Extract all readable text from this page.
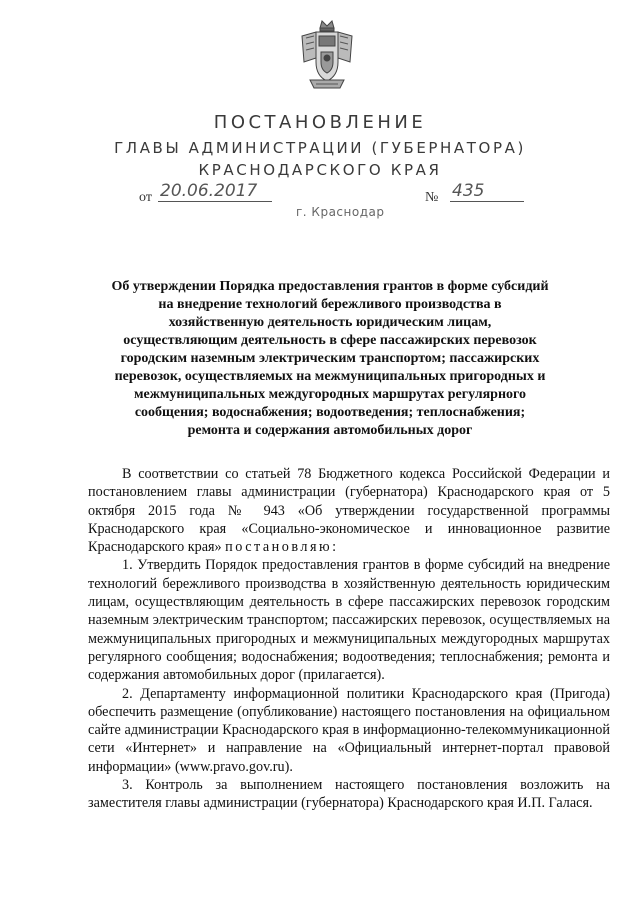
ПОСТАНОВЛЕНИЕ
ГЛАВЫ АДМИНИСТРАЦИИ (ГУБЕРНАТОРА)
КРАСНОДАРСКОГО КРАЯ
от 20.06.2017	№ 435
г. Краснодар
Об утверждении Порядка предоставления грантов в форме субсидий на внедрение технологий бережливого производства в хозяйственную деятельность юридическим лицам, осуществляющим деятельность в сфере пассажирских перевозок городским наземным электрическим транспортом; пассажирских перевозок, осуществляемых на межмуниципальных пригородных и межмуниципальных междугородных маршрутах регулярного сообщения; водоснабжения; водоотведения; теплоснабжения; ремонта и содержания автомобильных дорог

В соответствии со статьей 78 Бюджетного кодекса Российской Федерации и постановлением главы администрации (губернатора) Краснодарского края от 5 октября 2015 года № 943 «Об утверждении государственной программы Краснодарского края «Социально-экономическое и инновационное развитие Краснодарского края» постановляю:

1. Утвердить Порядок предоставления грантов в форме субсидий на внедрение технологий бережливого производства в хозяйственную деятельность юридическим лицам, осуществляющим деятельность в сфере пассажирских перевозок городским наземным электрическим транспортом; пассажирских перевозок, осуществляемых на межмуниципальных пригородных и межмуниципальных междугородных маршрутах регулярного сообщения; водоснабжения; водоотведения; теплоснабжения; ремонта и содержания автомобильных дорог (прилагается).

2. Департаменту информационной политики Краснодарского края (Пригода) обеспечить размещение (опубликование) настоящего постановления на официальном сайте администрации Краснодарского края в информационно-телекоммуникационной сети «Интернет» и направление на «Официальный интернет-портал правовой информации» (www.pravo.gov.ru).

3. Контроль за выполнением настоящего постановления возложить на заместителя главы администрации (губернатора) Краснодарского края И.П. Галася.
